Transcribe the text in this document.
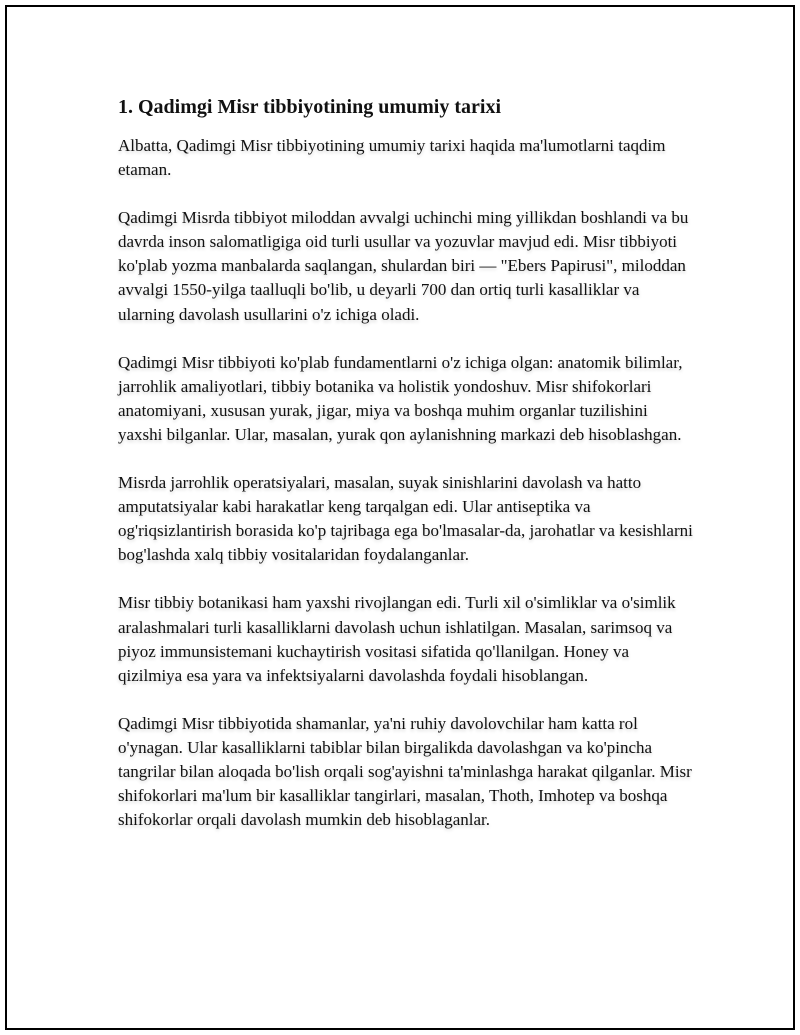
1. Qadimgi Misr tibbiyotining umumiy tarixi

Albatta, Qadimgi Misr tibbiyotining umumiy tarixi haqida ma'lumotlarni taqdim etaman.

Qadimgi Misrda tibbiyot miloddan avvalgi uchinchi ming yillikdan boshlandi va bu davrda inson salomatligiga oid turli usullar va yozuvlar mavjud edi. Misr tibbiyoti ko'plab yozma manbalarda saqlangan, shulardan biri — "Ebers Papirusi", miloddan avvalgi 1550-yilga taalluqli bo'lib, u deyarli 700 dan ortiq turli kasalliklar va ularning davolash usullarini o'z ichiga oladi.

Qadimgi Misr tibbiyoti ko'plab fundamentlarni o'z ichiga olgan: anatomik bilimlar, jarrohlik amaliyotlari, tibbiy botanika va holistik yondoshuv. Misr shifokorlari anatomiyani, xususan yurak, jigar, miya va boshqa muhim organlar tuzilishini yaxshi bilganlar. Ular, masalan, yurak qon aylanishning markazi deb hisoblashgan.

Misrda jarrohlik operatsiyalari, masalan, suyak sinishlarini davolash va hatto amputatsiyalar kabi harakatlar keng tarqalgan edi. Ular antiseptika va og'riqsizlantirish borasida ko'p tajribaga ega bo'lmasalar-da, jarohatlar va kesishlarni bog'lashda xalq tibbiy vositalaridan foydalanganlar.

Misr tibbiy botanikasi ham yaxshi rivojlangan edi. Turli xil o'simliklar va o'simlik aralashmalari turli kasalliklarni davolash uchun ishlatilgan. Masalan, sarimsoq va piyoz immunsistemani kuchaytirish vositasi sifatida qo'llanilgan. Honey va qizilmiya esa yara va infektsiyalarni davolashda foydali hisoblangan.

Qadimgi Misr tibbiyotida shamanlar, ya'ni ruhiy davolovchilar ham katta rol o'ynagan. Ular kasalliklarni tabiblar bilan birgalikda davolashgan va ko'pincha tangrilar bilan aloqada bo'lish orqali sog'ayishni ta'minlashga harakat qilganlar. Misr shifokorlari ma'lum bir kasalliklar tangirlari, masalan, Thoth, Imhotep va boshqa shifokorlar orqali davolash mumkin deb hisoblaganlar.
